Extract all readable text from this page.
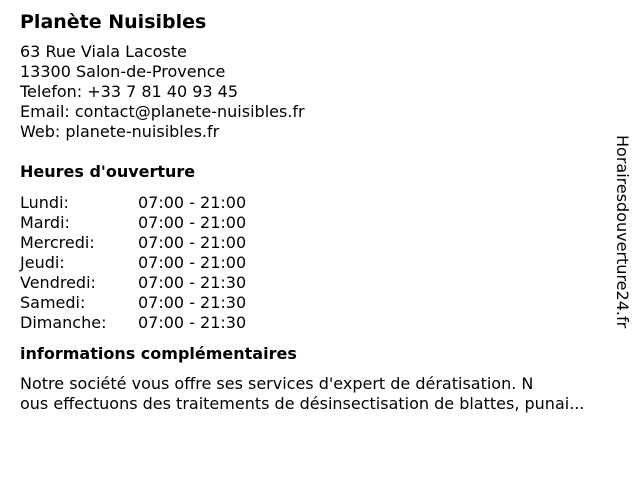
Planète Nuisibles
63 Rue Viala Lacoste
13300 Salon-de-Provence
Telefon: +33 7 81 40 93 45
Email: contact@planete-nuisibles.fr
Web: planete-nuisibles.fr
Heures d'ouverture
Lundi:	07:00 - 21:00
Mardi:	07:00 - 21:00
Mercredi:	07:00 - 21:00
Jeudi:	07:00 - 21:00
Vendredi:	07:00 - 21:30
Samedi:	07:00 - 21:30
Dimanche:	07:00 - 21:30
informations complémentaires
Notre société vous offre ses services d'expert de dératisation. N
ous effectuons des traitements de désinsectisation de blattes, punai...
Horairesdouverture24.fr
